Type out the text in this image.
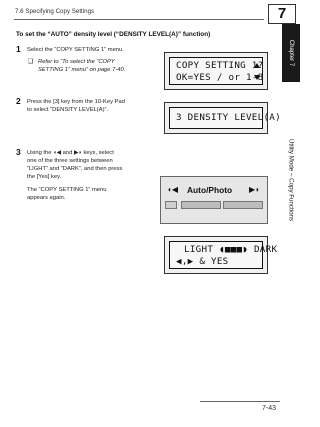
7.6 Specifying Copy Settings	7
Chapter 7
Utility Mode – Copy Functions
To set the “AUTO” density level (“DENSITY LEVEL(A)” function)
1 Select the “COPY SETTING 1” menu.
❑ Refer to “To select the “COPY
SETTING 1” menu” on page 7-40.	COPY SETTING 1?
OK=YES / or 1-8
2 Press the [3] key from the 10-Key Pad
to select “DENSITY LEVEL(A)”.
3 DENSITY LEVEL(A)
3 Using the ◖◀ and ▶◗ keys, select
one of the three settings between
“LIGHT” and “DARK”, and then press
the [Yes] key.
The “COPY SETTING 1” menu
appears again.
◖◀ Auto/Photo ▶◗
LIGHT ◖■■■◗ DARK
◀,▶ & YES
7-43
